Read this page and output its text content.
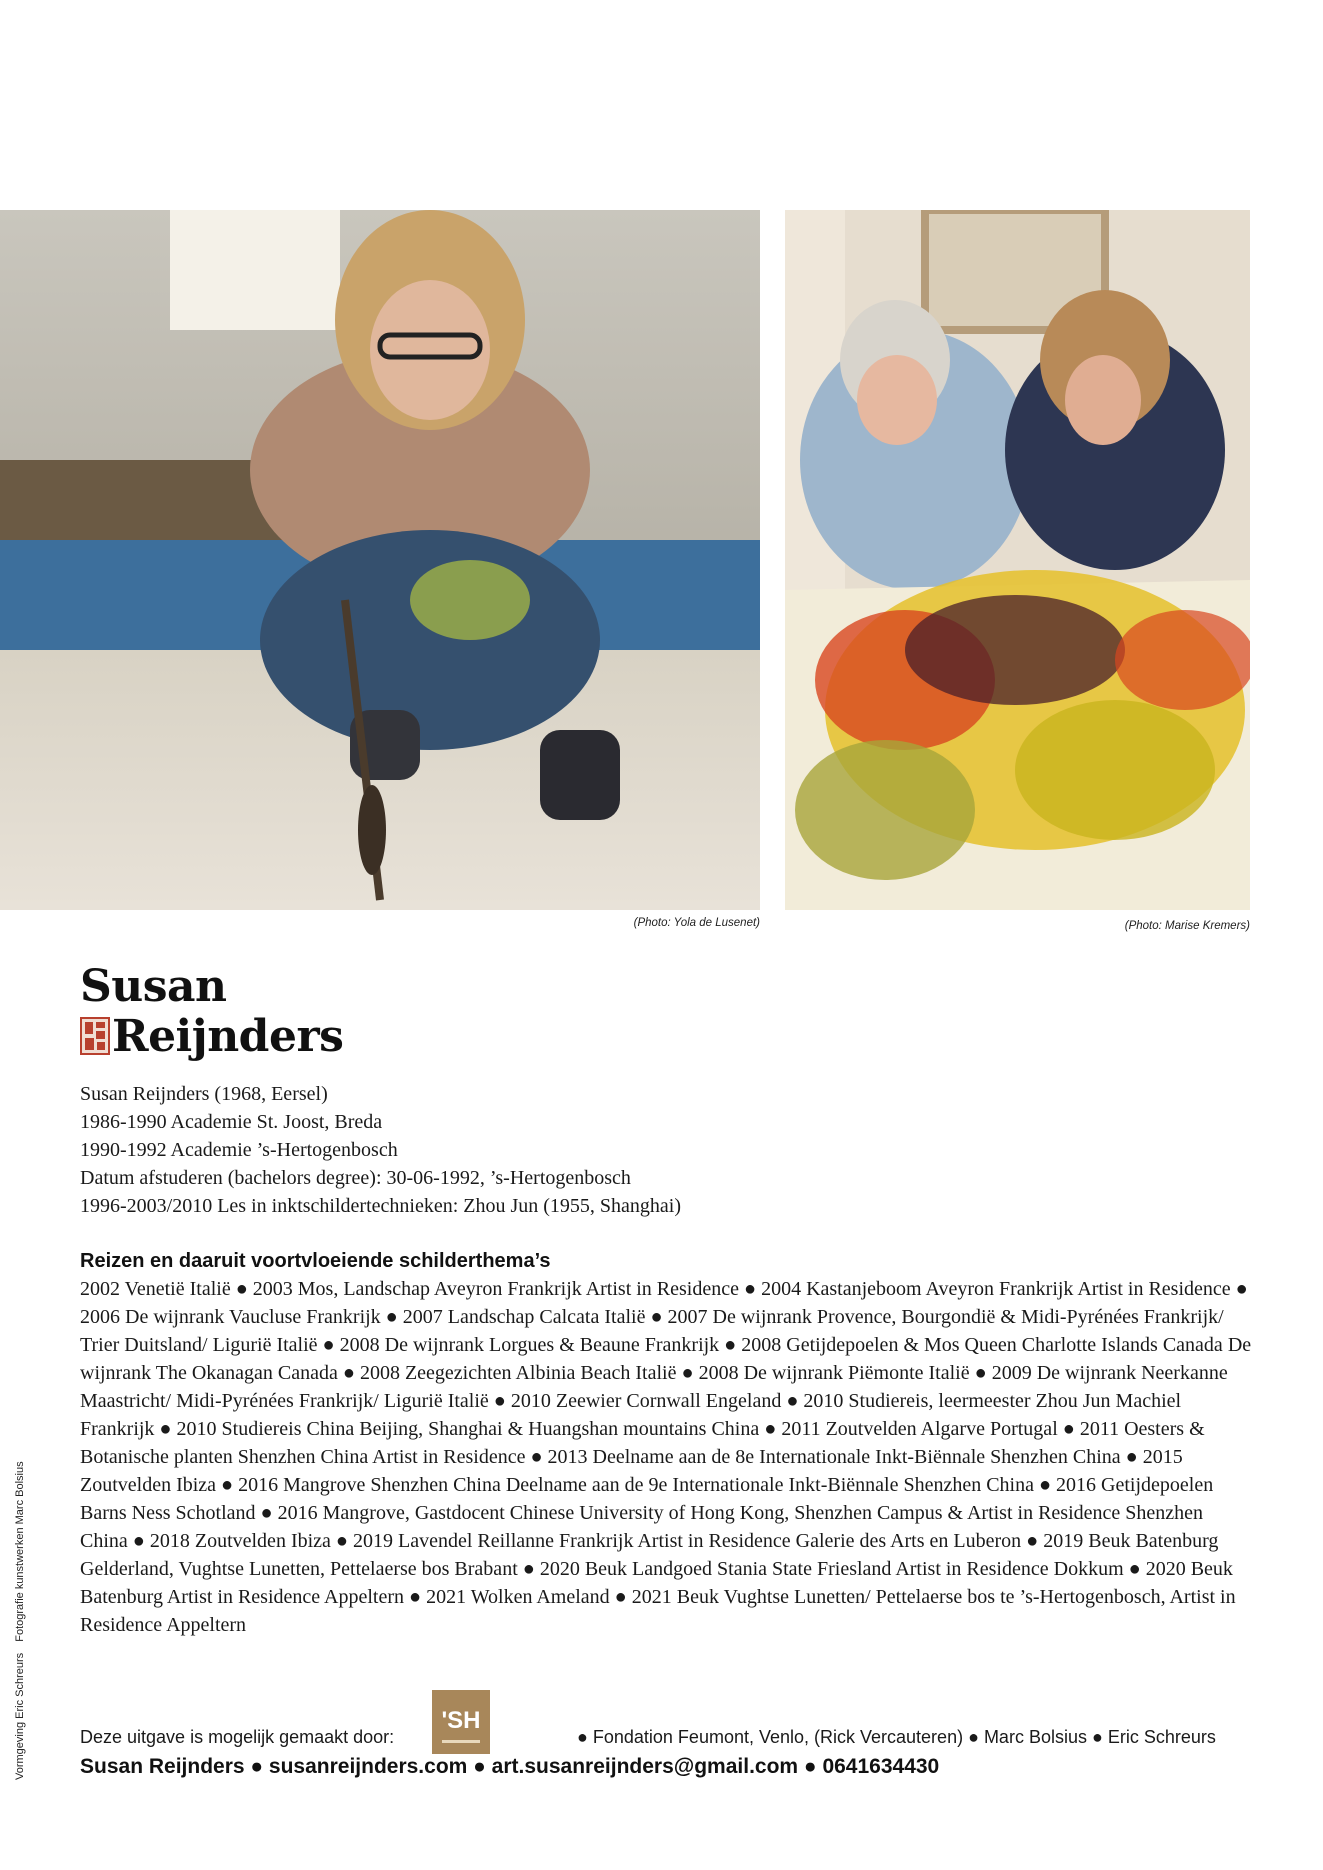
(Photo: Yola de Lusenet)	(Photo: Marise Kremers)
Susan
Reijnders
Susan Reijnders (1968, Eersel)
1986-1990 Academie St. Joost, Breda
1990-1992 Academie ’s-Hertogenbosch
Datum afstuderen (bachelors degree): 30-06-1992, ’s-Hertogenbosch
1996-2003/2010 Les in inktschildertechnieken: Zhou Jun (1955, Shanghai)
Reizen en daaruit voortvloeiende schilderthema’s
2002 Venetië Italië ● 2003 Mos, Landschap Aveyron Frankrijk Artist in Residence ● 2004 Kastanjeboom Aveyron Frankrijk Artist in Residence ● 2006 De wijnrank Vaucluse Frankrijk ● 2007 Landschap Calcata Italië ● 2007 De wijnrank Provence, Bourgondië & Midi-Pyrénées Frankrijk/ Trier Duitsland/ Ligurië Italië ● 2008 De wijnrank Lorgues & Beaune Frankrijk ● 2008 Getijdepoelen & Mos Queen Charlotte Islands Canada De wijnrank The Okanagan Canada ● 2008 Zeegezichten Albinia Beach Italië ● 2008 De wijnrank Piëmonte Italië ● 2009 De wijnrank Neerkanne Maastricht/ Midi-Pyrénées Frankrijk/ Ligurië Italië ● 2010 Zeewier Cornwall Engeland ● 2010 Studiereis, leermeester Zhou Jun Machiel Frankrijk ● 2010 Studiereis China Beijing, Shanghai & Huangshan mountains China ● 2011 Zoutvelden Algarve Portugal ● 2011 Oesters & Botanische planten Shenzhen China Artist in Residence ● 2013 Deelname aan de 8e Internationale Inkt-Biënnale Shenzhen China ● 2015 Zoutvelden Ibiza ● 2016 Mangrove Shenzhen China Deelname aan de 9e Internationale Inkt-Biënnale Shenzhen China ● 2016 Getijdepoelen Barns Ness Schotland ● 2016 Mangrove, Gastdocent Chinese University of Hong Kong, Shenzhen Campus & Artist in Residence Shenzhen China ● 2018 Zoutvelden Ibiza ● 2019 Lavendel Reillanne Frankrijk Artist in Residence Galerie des Arts en Luberon ● 2019 Beuk Batenburg Gelderland, Vughtse Lunetten, Pettelaerse bos Brabant ● 2020 Beuk Landgoed Stania State Friesland Artist in Residence Dokkum ● 2020 Beuk Batenburg Artist in Residence Appeltern ● 2021 Wolken Ameland ● 2021 Beuk Vughtse Lunetten/ Pettelaerse bos te ’s-Hertogenbosch, Artist in Residence Appeltern
Deze uitgave is mogelijk gemaakt door:	● Fondation Feumont, Venlo, (Rick Vercauteren) ● Marc Bolsius ● Eric Schreurs
'SH
Susan Reijnders ● susanreijnders.com ● art.susanreijnders@gmail.com ● 0641634430
Vormgeving Eric Schreurs Fotografie kunstwerken Marc Bolsius
